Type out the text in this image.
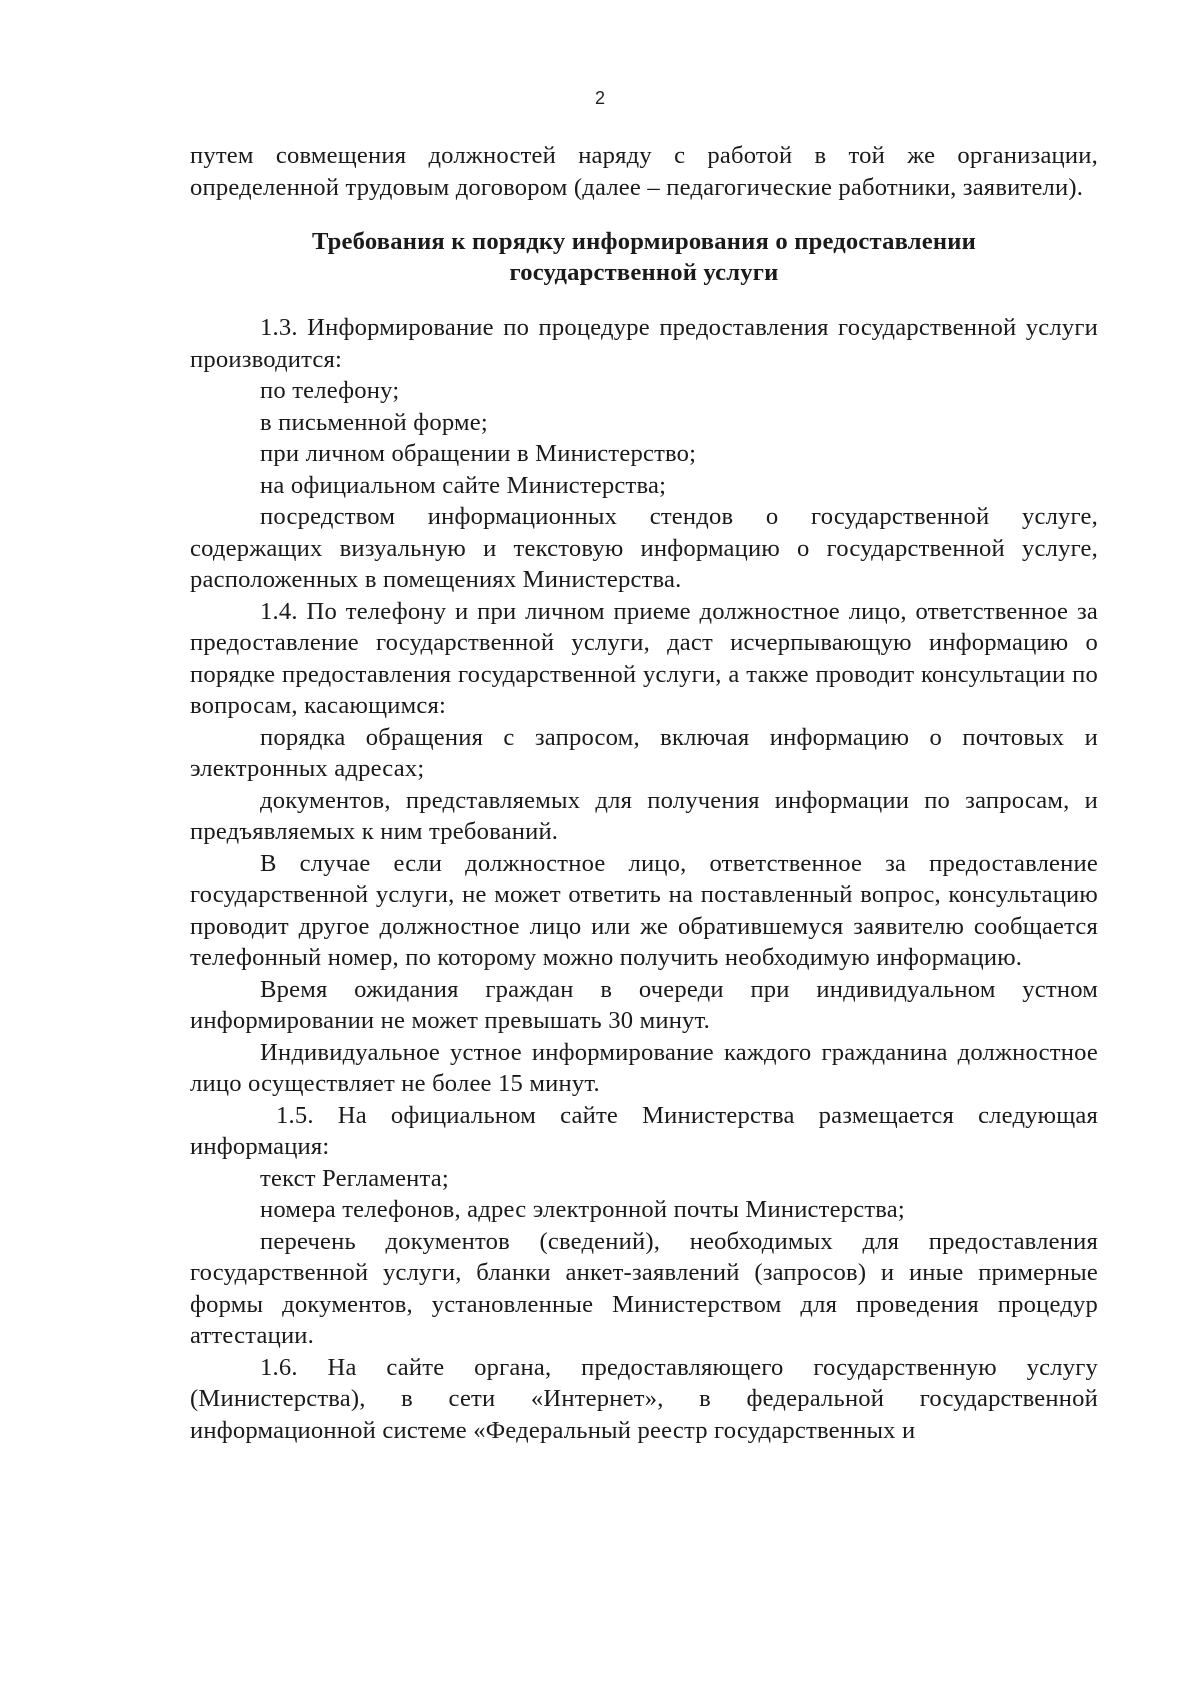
2

путем совмещения должностей наряду с работой в той же организации, определенной трудовым договором (далее – педагогические работники, заявители).

Требования к порядку информирования о предоставлении государственной услуги

1.3. Информирование по процедуре предоставления государственной услуги производится:

по телефону;

в письменной форме;

при личном обращении в Министерство;

на официальном сайте Министерства;

посредством информационных стендов о государственной услуге, содержащих визуальную и текстовую информацию о государственной услуге, расположенных в помещениях Министерства.

1.4. По телефону и при личном приеме должностное лицо, ответственное за предоставление государственной услуги, даст исчерпывающую информацию о порядке предоставления государственной услуги, а также проводит консультации по вопросам, касающимся:

порядка обращения с запросом, включая информацию о почтовых и электронных адресах;

документов, представляемых для получения информации по запросам, и предъявляемых к ним требований.

В случае если должностное лицо, ответственное за предоставление государственной услуги, не может ответить на поставленный вопрос, консультацию проводит другое должностное лицо или же обратившемуся заявителю сообщается телефонный номер, по которому можно получить необходимую информацию.

Время ожидания граждан в очереди при индивидуальном устном информировании не может превышать 30 минут.

Индивидуальное устное информирование каждого гражданина должностное лицо осуществляет не более 15 минут.

1.5. На официальном сайте Министерства размещается следующая информация:

текст Регламента;

номера телефонов, адрес электронной почты Министерства;

перечень документов (сведений), необходимых для предоставления государственной услуги, бланки анкет-заявлений (запросов) и иные примерные формы документов, установленные Министерством для проведения процедур аттестации.

1.6. На сайте органа, предоставляющего государственную услугу (Министерства), в сети «Интернет», в федеральной государственной информационной системе «Федеральный реестр государственных и
